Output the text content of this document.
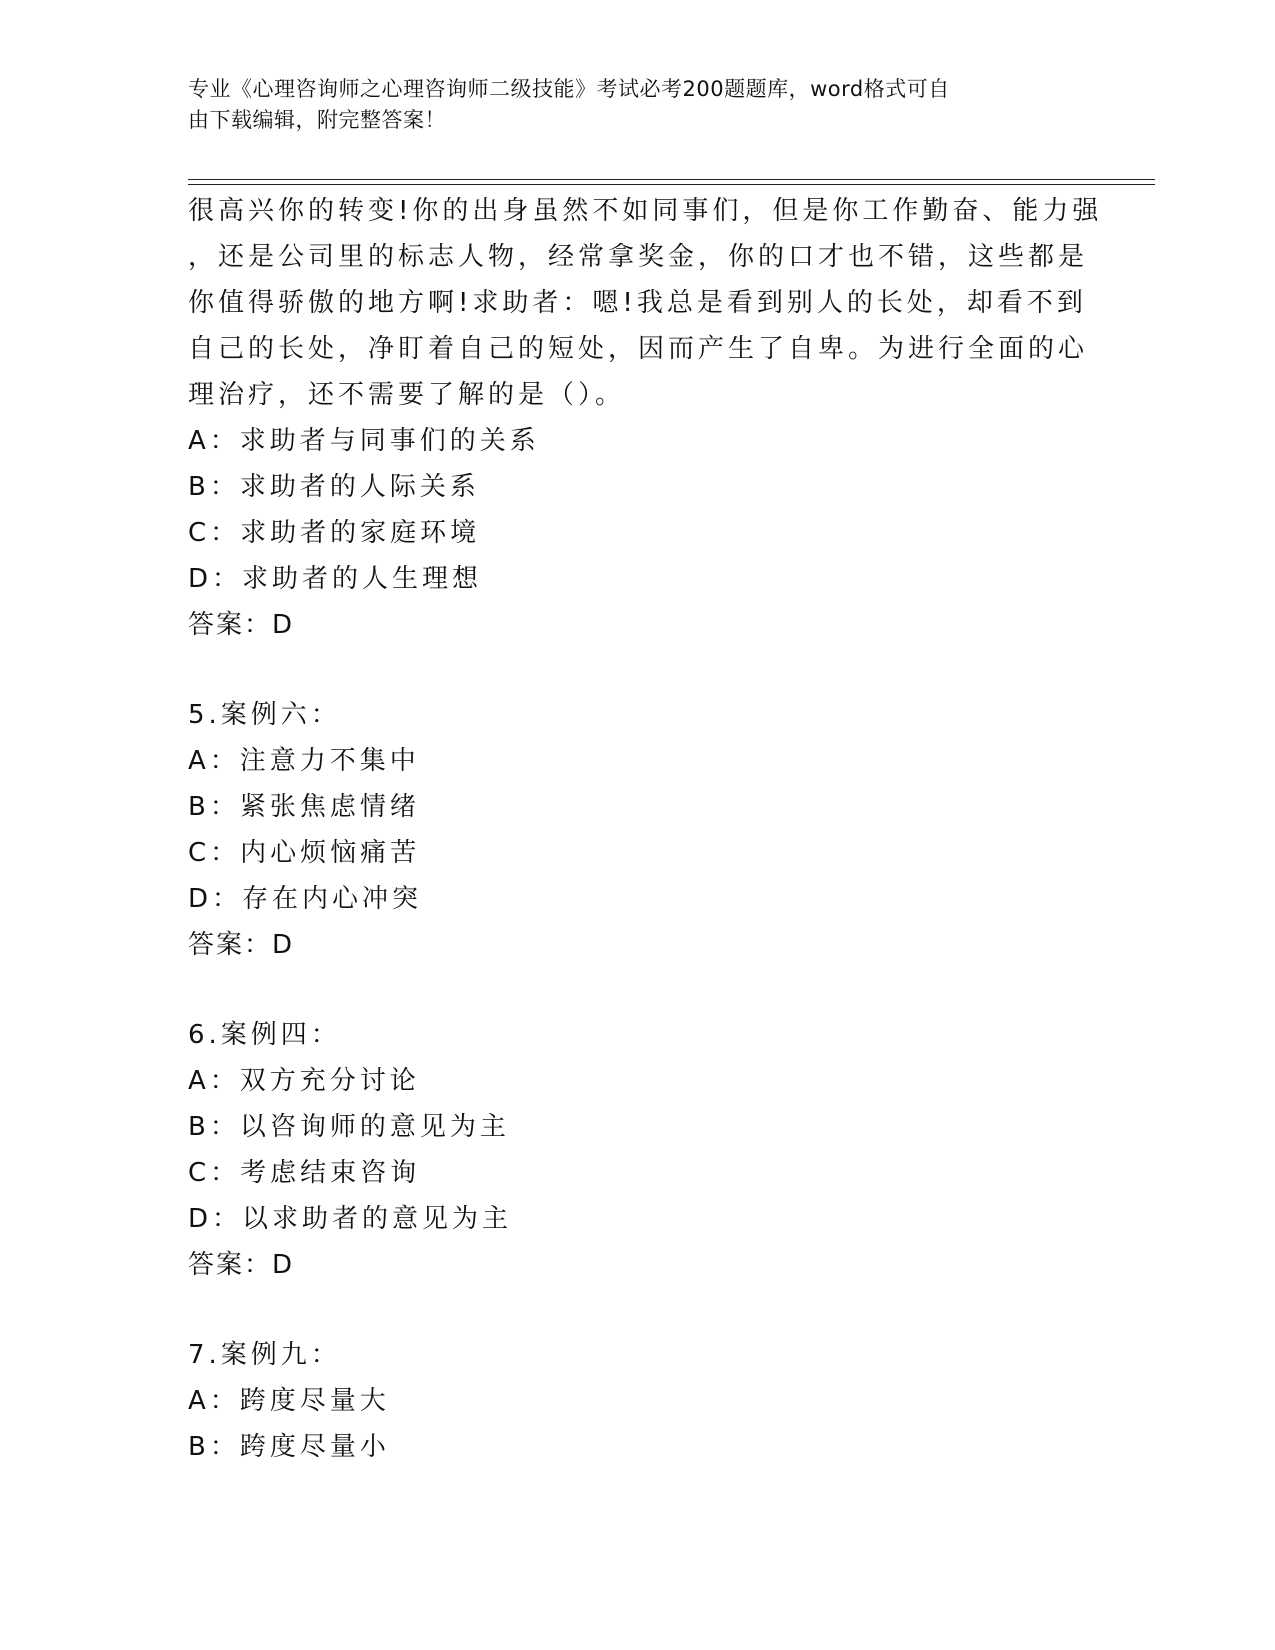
专业《心理咨询师之心理咨询师二级技能》考试必考200题题库，word格式可自
由下载编辑，附完整答案！
很高兴你的转变!你的出身虽然不如同事们，但是你工作勤奋、能力强
，还是公司里的标志人物，经常拿奖金，你的口才也不错，这些都是
你值得骄傲的地方啊!求助者：嗯!我总是看到别人的长处，却看不到
自己的长处，净盯着自己的短处，因而产生了自卑。为进行全面的心
理治疗，还不需要了解的是（）。
A：求助者与同事们的关系
B：求助者的人际关系
C：求助者的家庭环境
D：求助者的人生理想
答案：D
5.案例六：
A：注意力不集中
B：紧张焦虑情绪
C：内心烦恼痛苦
D：存在内心冲突
答案：D
6.案例四：
A：双方充分讨论
B：以咨询师的意见为主
C：考虑结束咨询
D：以求助者的意见为主
答案：D
7.案例九：
A：跨度尽量大
B：跨度尽量小
